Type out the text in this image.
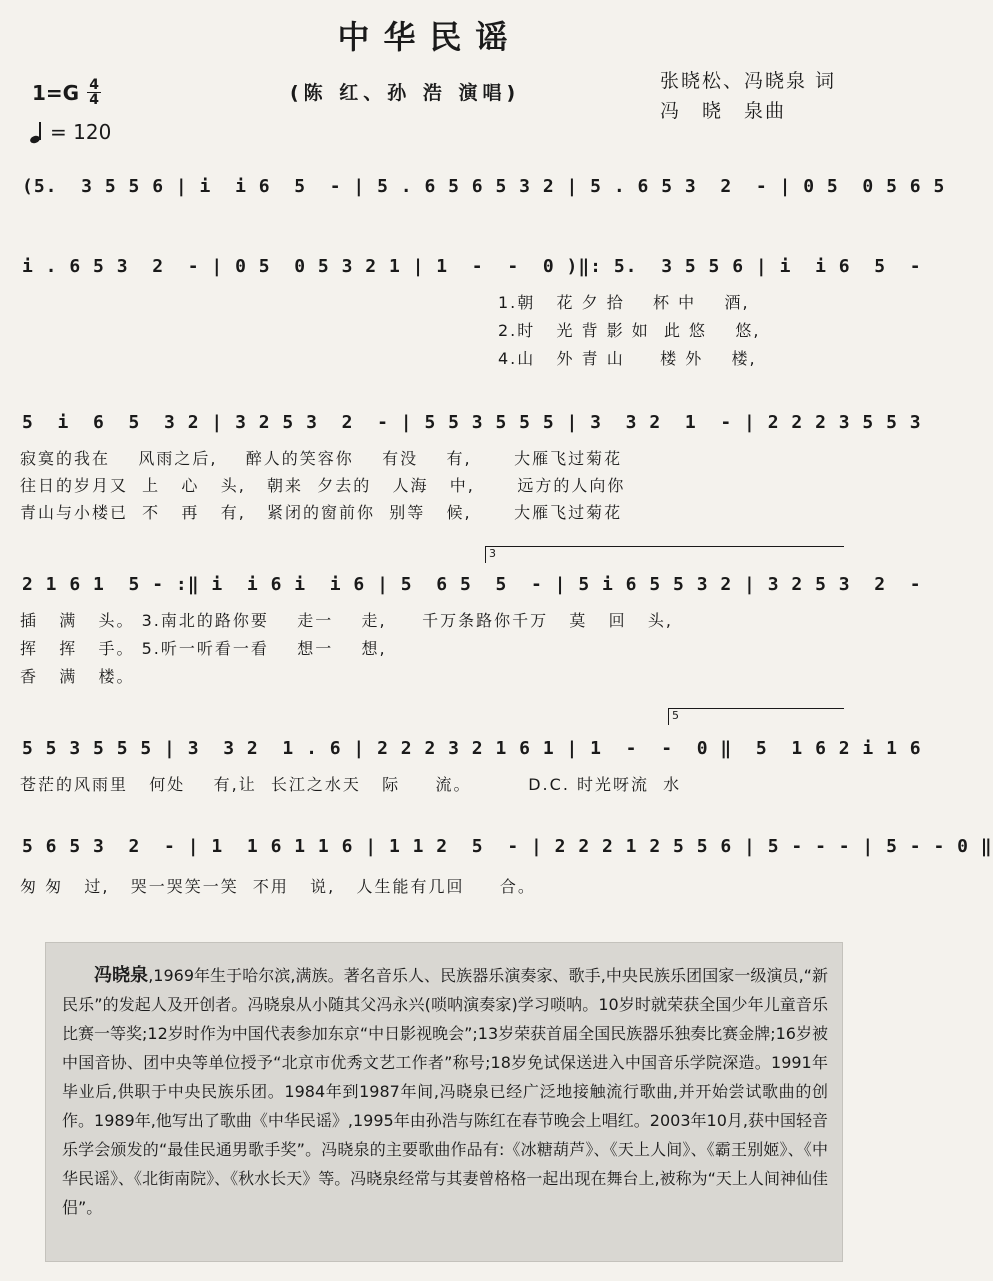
中华民谣
$1=G \frac{4}{4}$
= 120
(陈 红、孙 浩 演唱)
张晓松、冯晓泉 词
冯　晓　泉曲
(5.  3 5 5 6 | i  i 6  5  - | 5 . 6 5 6 5 3 2 | 5 . 6 5 3  2  - | 0 5  0 5 6 5
i . 6 5 3  2  - | 0 5  0 5 3 2 1 | 1  -  -  0 )‖: 5.  3 5 5 6 | i  i 6  5  -
1.朝   花 夕 拾    杯 中    酒,
2.时   光 背 影 如  此 悠    悠,
4.山   外 青 山     楼 外    楼,
5  i  6  5  3 2 | 3 2 5 3  2  - | 5 5 3 5 5 5 | 3  3 2  1  - | 2 2 2 3 5 5 3
寂寞的我在    风雨之后,    醉人的笑容你    有没    有,      大雁飞过菊花
往日的岁月又  上   心   头,   朝来  夕去的   人海   中,      远方的人向你
青山与小楼已  不   再   有,   紧闭的窗前你  别等   候,      大雁飞过菊花
3
2 1 6 1  5 - :‖ i  i 6 i  i 6 | 5  6 5  5  - | 5 i 6 5 5 3 2 | 3 2 5 3  2  -
插   满   头。 3.南北的路你要    走一    走,     千万条路你千万   莫   回   头,
挥   挥   手。 5.听一听看一看    想一    想,
香   满   楼。
5
5 5 3 5 5 5 | 3  3 2  1 . 6 | 2 2 2 3 2 1 6 1 | 1  -  -  0 ‖  5  1 6 2 i 1 6
苍茫的风雨里   何处    有,让  长江之水天   际     流。        D.C. 时光呀流  水
5 6 5 3  2  - | 1  1 6 1 1 6 | 1 1 2  5  - | 2 2 2 1 2 5 5 6 | 5 - - - | 5 - - 0 ‖
匆 匆   过,   哭一哭笑一笑  不用   说,   人生能有几回     合。
冯晓泉,1969年生于哈尔滨,满族。著名音乐人、民族器乐演奏家、歌手,中央民族乐团国家一级演员,“新民乐”的发起人及开创者。冯晓泉从小随其父冯永兴(唢呐演奏家)学习唢呐。10岁时就荣获全国少年儿童音乐比赛一等奖;12岁时作为中国代表参加东京“中日影视晚会”;13岁荣获首届全国民族器乐独奏比赛金牌;16岁被中国音协、团中央等单位授予“北京市优秀文艺工作者”称号;18岁免试保送进入中国音乐学院深造。1991年毕业后,供职于中央民族乐团。1984年到1987年间,冯晓泉已经广泛地接触流行歌曲,并开始尝试歌曲的创作。1989年,他写出了歌曲《中华民谣》,1995年由孙浩与陈红在春节晚会上唱红。2003年10月,获中国轻音乐学会颁发的“最佳民通男歌手奖”。冯晓泉的主要歌曲作品有:《冰糖葫芦》、《天上人间》、《霸王别姬》、《中华民谣》、《北街南院》、《秋水长天》等。冯晓泉经常与其妻曾格格一起出现在舞台上,被称为“天上人间神仙佳侣”。
